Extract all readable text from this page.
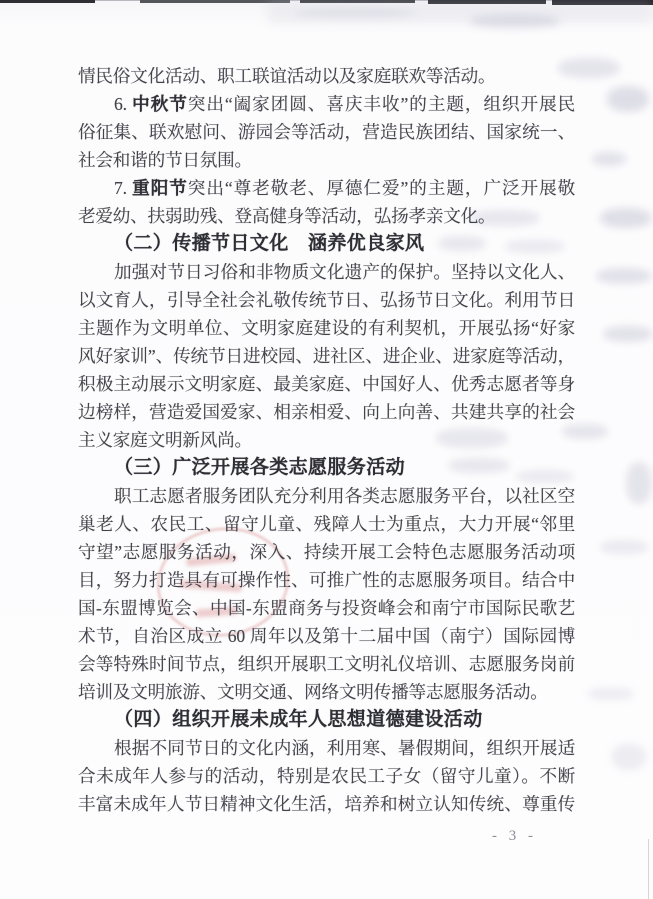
情民俗文化活动、职工联谊活动以及家庭联欢等活动。
6. 中秋节突出“阖家团圆、喜庆丰收”的主题，组织开展民
俗征集、联欢慰问、游园会等活动，营造民族团结、国家统一、
社会和谐的节日氛围。
7. 重阳节突出“尊老敬老、厚德仁爱”的主题，广泛开展敬
老爱幼、扶弱助残、登高健身等活动，弘扬孝亲文化。
（二）传播节日文化　涵养优良家风
加强对节日习俗和非物质文化遗产的保护。坚持以文化人、
以文育人，引导全社会礼敬传统节日、弘扬节日文化。利用节日
主题作为文明单位、文明家庭建设的有利契机，开展弘扬“好家
风好家训”、传统节日进校园、进社区、进企业、进家庭等活动，
积极主动展示文明家庭、最美家庭、中国好人、优秀志愿者等身
边榜样，营造爱国爱家、相亲相爱、向上向善、共建共享的社会
主义家庭文明新风尚。
（三）广泛开展各类志愿服务活动
职工志愿者服务团队充分利用各类志愿服务平台，以社区空
巢老人、农民工、留守儿童、残障人士为重点，大力开展“邻里
守望”志愿服务活动，深入、持续开展工会特色志愿服务活动项
目，努力打造具有可操作性、可推广性的志愿服务项目。结合中
国-东盟博览会、中国-东盟商务与投资峰会和南宁市国际民歌艺
术节，自治区成立 60 周年以及第十二届中国（南宁）国际园博
会等特殊时间节点，组织开展职工文明礼仪培训、志愿服务岗前
培训及文明旅游、文明交通、网络文明传播等志愿服务活动。
（四）组织开展未成年人思想道德建设活动
根据不同节日的文化内涵，利用寒、暑假期间，组织开展适
合未成年人参与的活动，特别是农民工子女（留守儿童）。不断
丰富未成年人节日精神文化生活，培养和树立认知传统、尊重传
- 3 -
